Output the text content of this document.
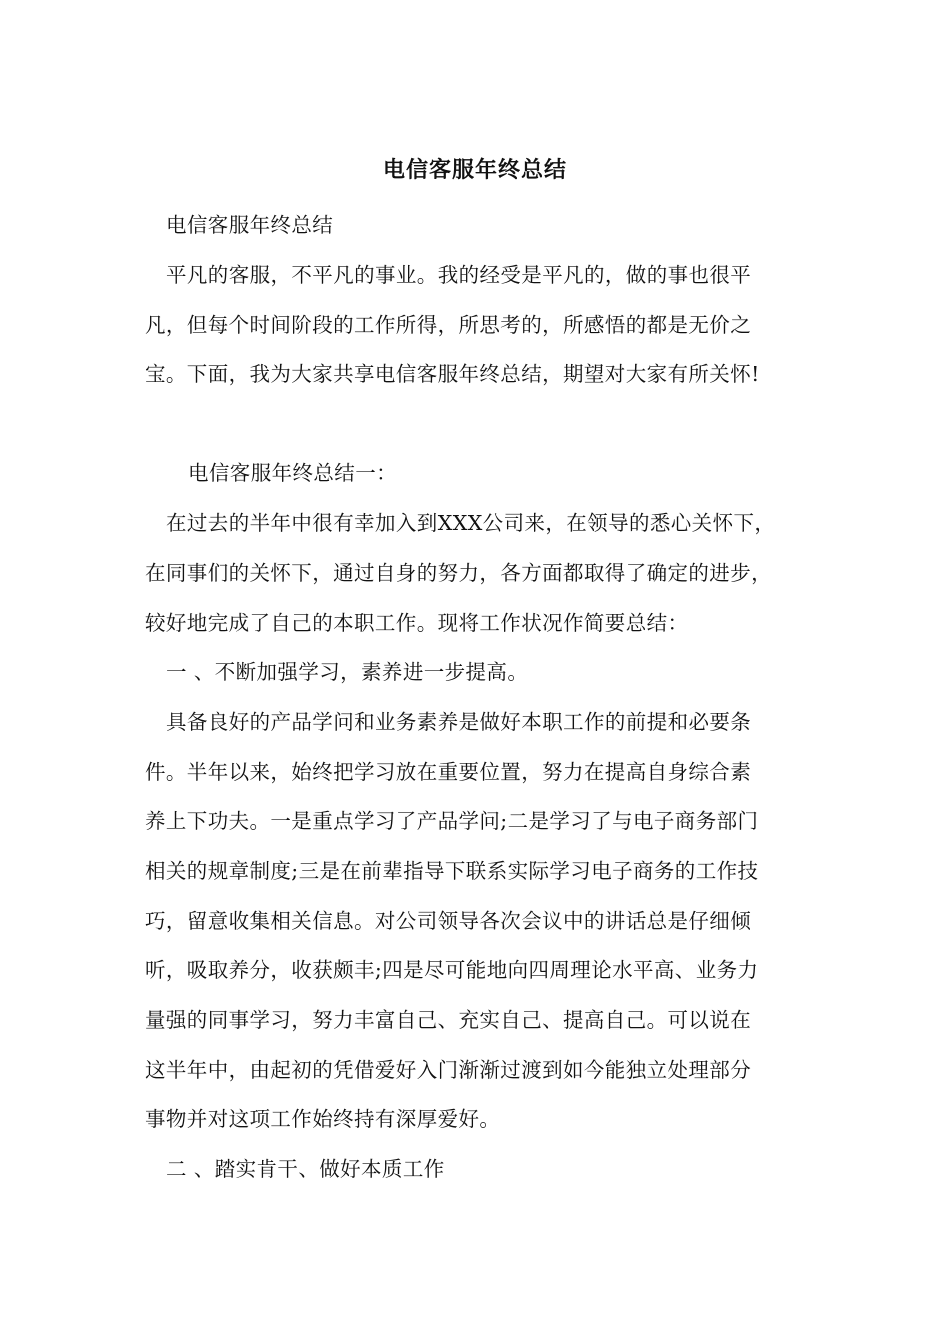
电信客服年终总结
电信客服年终总结
平凡的客服，不平凡的事业。我的经受是平凡的，做的事也很平
凡，但每个时间阶段的工作所得，所思考的，所感悟的都是无价之
宝。下面，我为大家共享电信客服年终总结，期望对大家有所关怀!
电信客服年终总结一：
在过去的半年中很有幸加入到XXX公司来，在领导的悉心关怀下，
在同事们的关怀下，通过自身的努力，各方面都取得了确定的进步，
较好地完成了自己的本职工作。现将工作状况作简要总结：
一 、不断加强学习，素养进一步提高。
具备良好的产品学问和业务素养是做好本职工作的前提和必要条
件。半年以来，始终把学习放在重要位置，努力在提高自身综合素
养上下功夫。一是重点学习了产品学问;二是学习了与电子商务部门
相关的规章制度;三是在前辈指导下联系实际学习电子商务的工作技
巧，留意收集相关信息。对公司领导各次会议中的讲话总是仔细倾
听，吸取养分，收获颇丰;四是尽可能地向四周理论水平高、业务力
量强的同事学习，努力丰富自己、充实自己、提高自己。可以说在
这半年中，由起初的凭借爱好入门渐渐过渡到如今能独立处理部分
事物并对这项工作始终持有深厚爱好。
二 、踏实肯干、做好本质工作
